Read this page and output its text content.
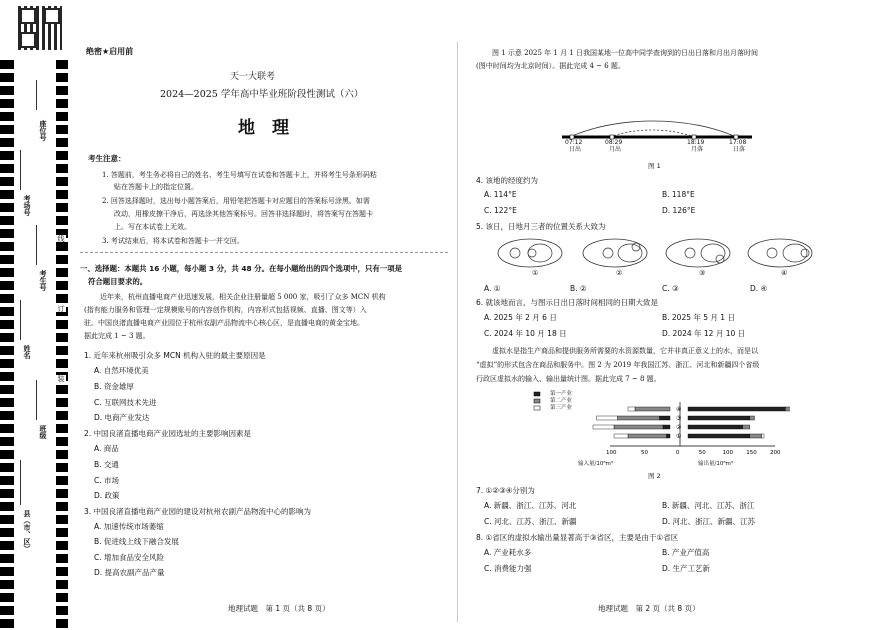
座位号
考场号
考生号
姓名
班级
县（市、区）
线
订
装
绝密★启用前
天一大联考
2024—2025 学年高中毕业班阶段性测试（六）
地　理
考生注意：
1. 答题前，考生务必将自己的姓名、考生号填写在试卷和答题卡上，并将考生号条形码粘
贴在答题卡上的指定位置。
2. 回答选择题时，选出每小题答案后，用铅笔把答题卡对应题目的答案标号涂黑。如需
改动，用橡皮擦干净后，再选涂其他答案标号。回答非选择题时，将答案写在答题卡
上。写在本试卷上无效。
3. 考试结束后，将本试卷和答题卡一并交回。
一、选择题：本题共 16 小题，每小题 3 分，共 48 分。在每小题给出的四个选项中，只有一项是
符合题目要求的。
近年来，杭州直播电商产业迅速发展，相关企业注册量超 5 000 家，吸引了众多 MCN 机构
(指有能力服务和管理一定规模账号的内容创作机构，内容形式包括视频、直播、图文等）入
驻。中国良渚直播电商产业园位于杭州农副产品物流中心核心区，是直播电商的黄金宝地。
据此完成 1 ~ 3 题。
1. 近年来杭州吸引众多 MCN 机构入驻的最主要原因是
A. 自然环境优美
B. 资金雄厚
C. 互联网技术先进
D. 电商产业发达
2. 中国良渚直播电商产业园选址的主要影响因素是
A. 商品
B. 交通
C. 市场
D. 政策
3. 中国良渚直播电商产业园的建设对杭州农副产品物流中心的影响为
A. 加速传统市场萎缩
B. 促进线上线下融合发展
C. 增加食品安全风险
D. 提高农副产品产量
地理试题　第 1 页（共 8 页）
图 1 示意 2025 年 1 月 1 日我国某地一位高中同学查询到的日出日落和月出月落时间
(图中时间均为北京时间）。据此完成 4 ~ 6 题。
07:12
日出
08:29
月出
18:19
月落
17:08
日落
图 1
4. 该地的经度约为
A. 114°E	B. 118°E
C. 122°E	D. 126°E
5. 该日，日地月三者的位置关系大致为
①	②	③	④
A. ①	B. ②	C. ③	D. ④
6. 就该地而言，与图示日出日落时间相同的日期大致是
A. 2025 年 2 月 6 日	B. 2025 年 5 月 1 日
C. 2024 年 10 月 18 日	D. 2024 年 12 月 10 日
虚拟水是指生产商品和提供服务所需要的水资源数量，它并非真正意义上的水，而是以
“虚拟”的形式包含在商品和服务中。图 2 为 2019 年我国江苏、浙江、河北和新疆四个省级
行政区虚拟水的输入、输出量统计图。据此完成 7 ~ 8 题。
④
③
②
①
100	50	0	50	100 150 200
第一产业
第二产业
第三产业
输入量/10⁸m³	输出量/10⁸m³
图 2
7. ①②③④分别为
A. 新疆、浙江、江苏、河北	B. 新疆、河北、江苏、浙江
C. 河北、江苏、浙江、新疆	D. 河北、浙江、新疆、江苏
8. ①省区的虚拟水输出量显著高于③省区，主要是由于①省区
A. 产业耗水多	B. 产业产值高
C. 消费能力强	D. 生产工艺新
地理试题　第 2 页（共 8 页）
